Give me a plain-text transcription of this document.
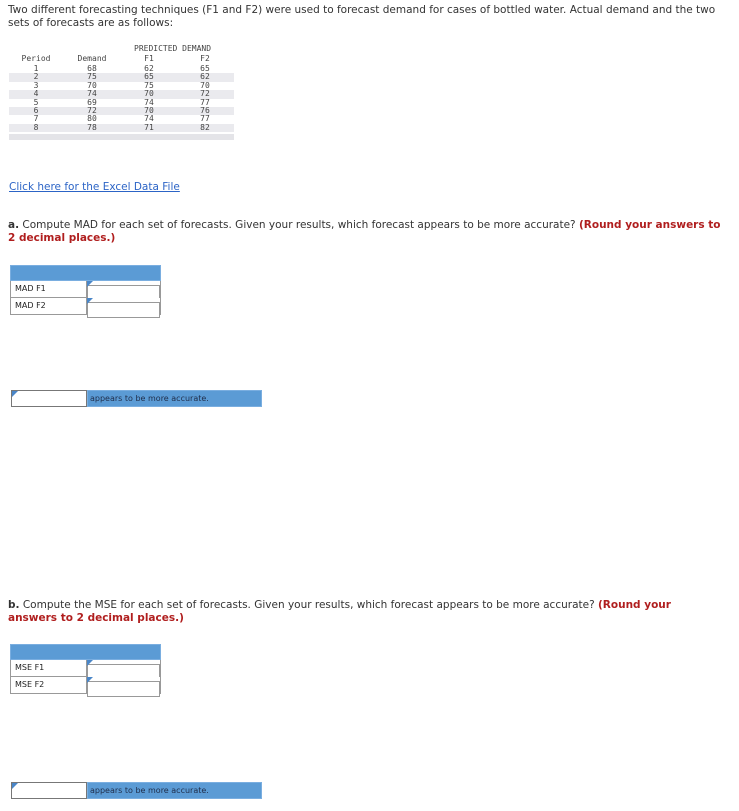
Two different forecasting techniques (F1 and F2) were used to forecast demand for cases of bottled water. Actual demand and the two sets of forecasts are as follows:
PREDICTED DEMAND
Period	Demand	F1	F2
1	68	62	65
2	75	65	62
3	70	75	70
4	74	70	72
5	69	74	77
6	72	70	76
7	80	74	77
8	78	71	82
Click here for the Excel Data File
a. Compute MAD for each set of forecasts. Given your results, which forecast appears to be more accurate? (Round your answers to 2 decimal places.)
MAD F1
MAD F2
appears to be more accurate.
b. Compute the MSE for each set of forecasts. Given your results, which forecast appears to be more accurate? (Round your answers to 2 decimal places.)
MSE F1
MSE F2
appears to be more accurate.
